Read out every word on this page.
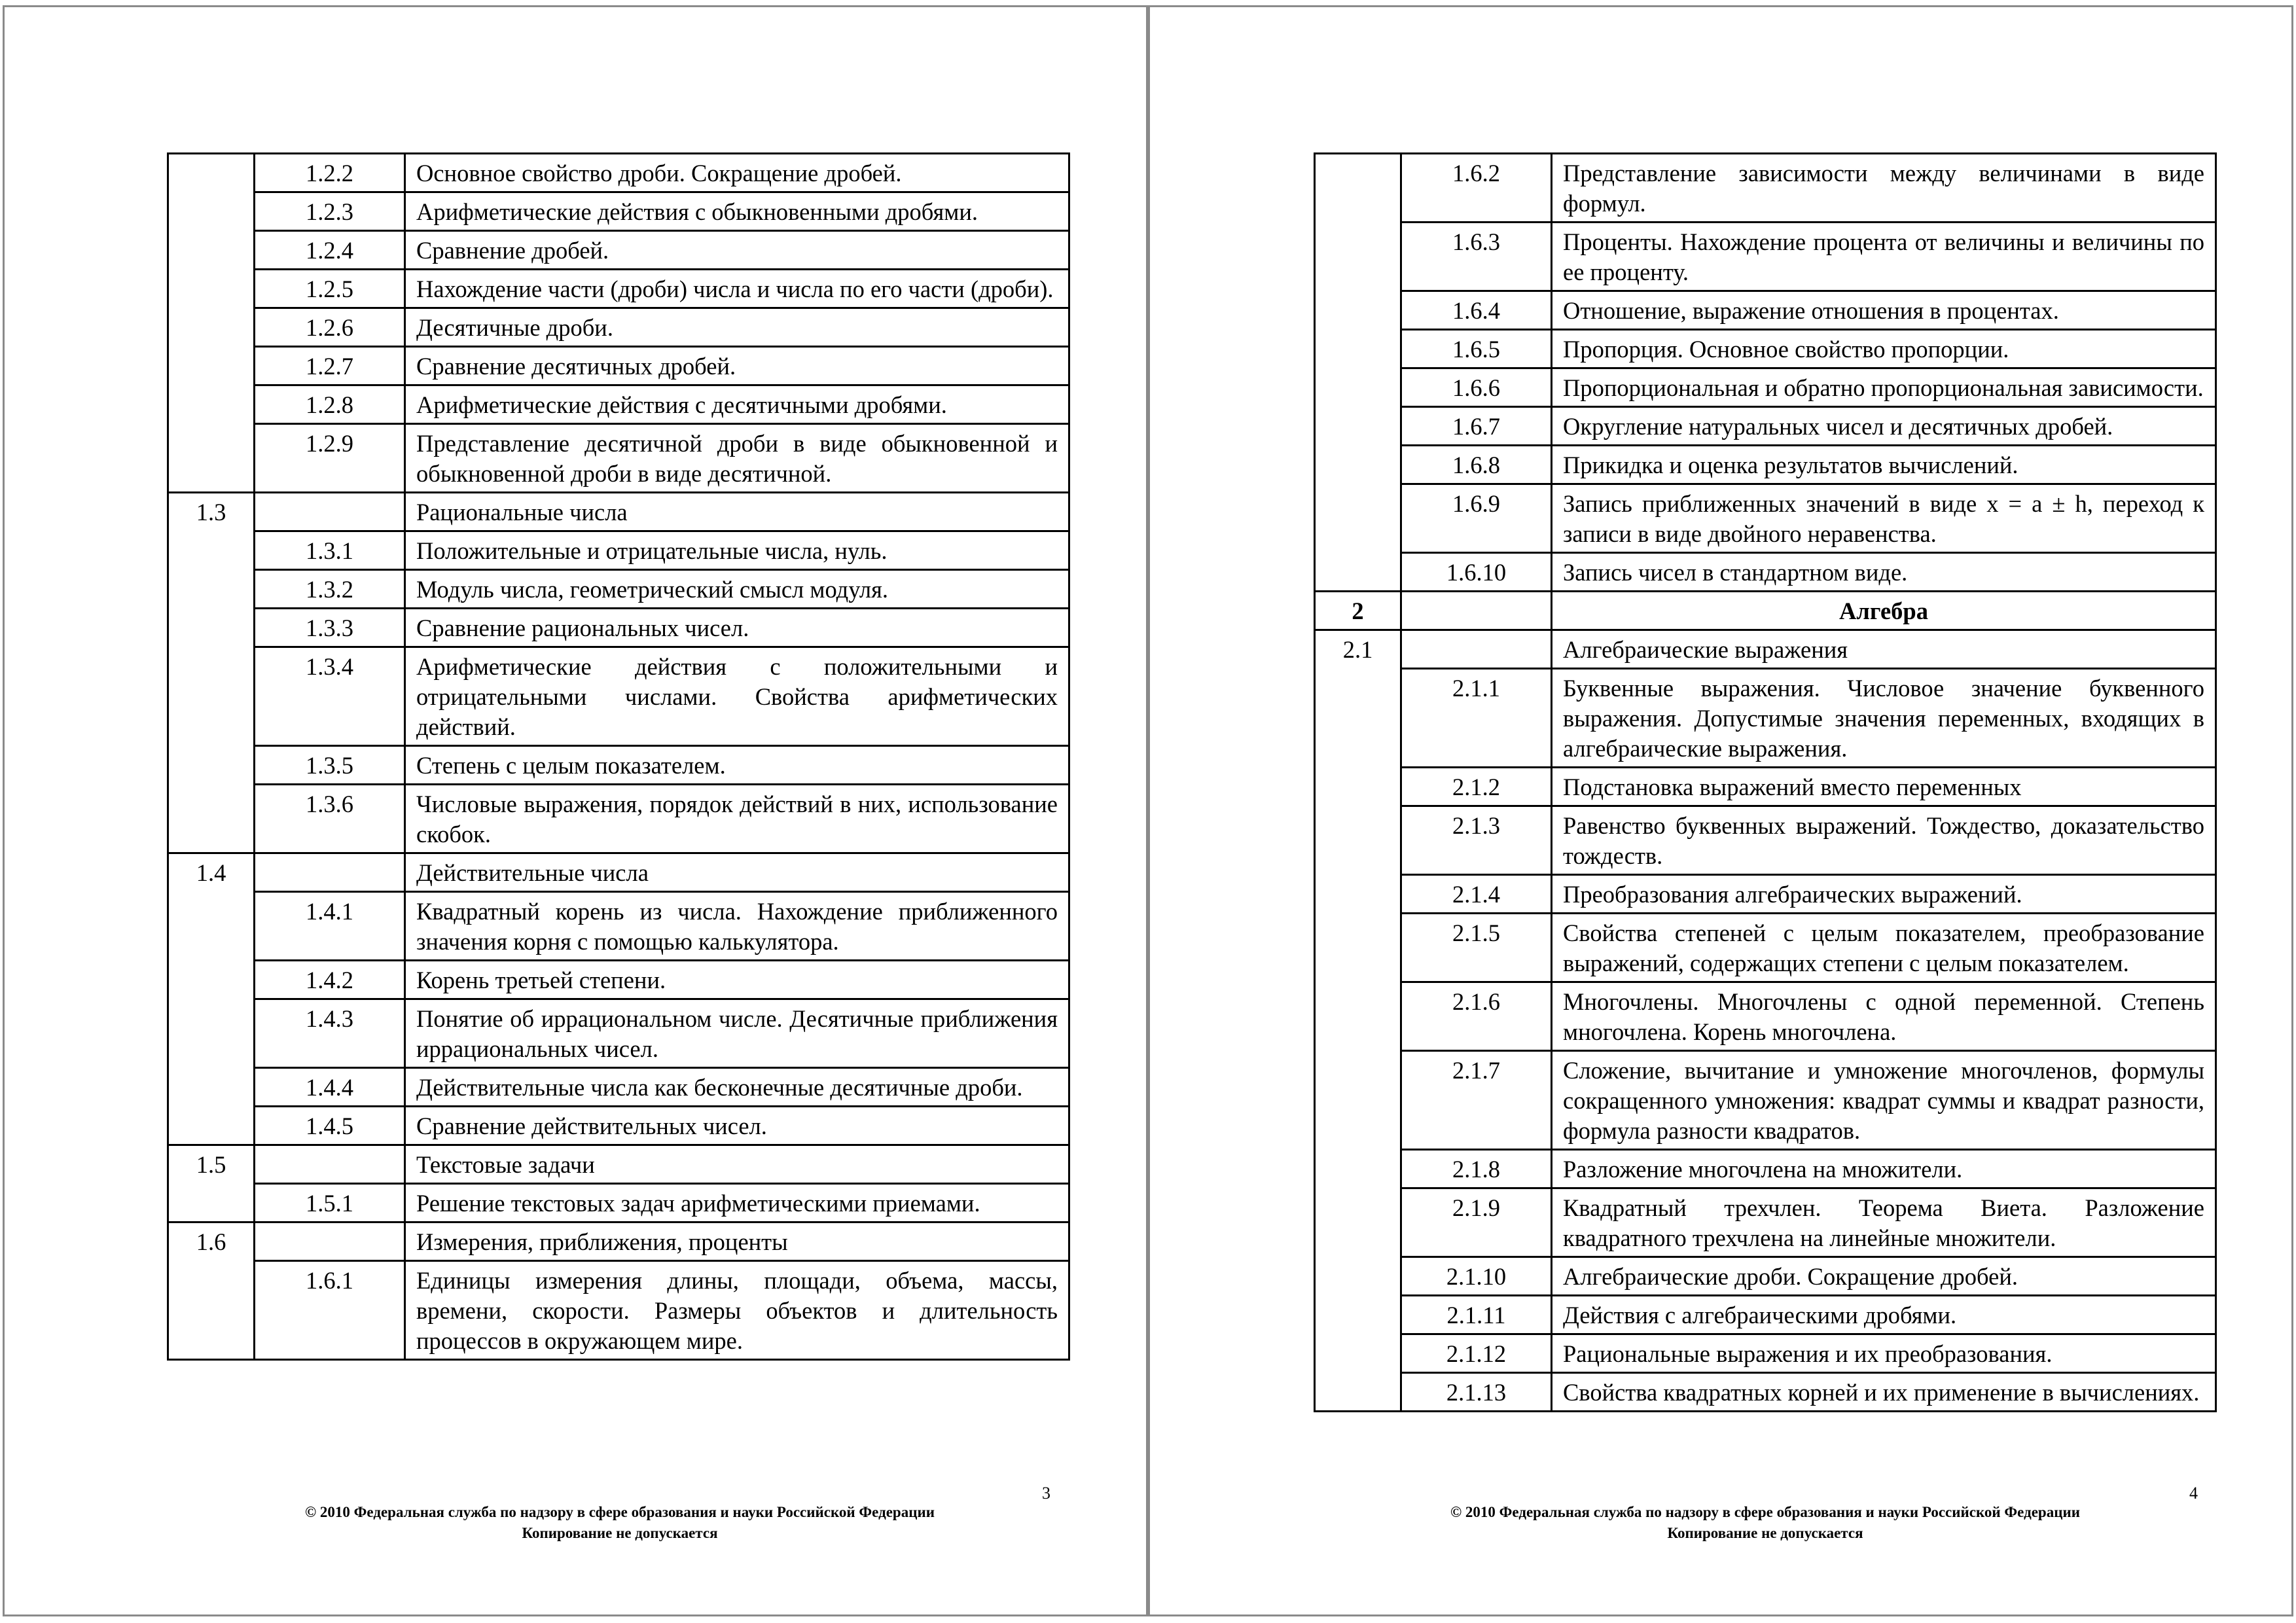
	1.2.2	Основное свойство дроби. Сокращение дробей.
	1.2.3	Арифметические действия с обыкновенными дробями.
	1.2.4	Сравнение дробей.
	1.2.5	Нахождение части (дроби) числа и числа по его части (дроби).
	1.2.6	Десятичные дроби.
	1.2.7	Сравнение десятичных дробей.
	1.2.8	Арифметические действия с десятичными дробями.
	1.2.9	Представление десятичной дроби в виде обыкновенной и обыкновенной дроби в виде десятичной.
1.3		Рациональные числа
	1.3.1	Положительные и отрицательные числа, нуль.
	1.3.2	Модуль числа, геометрический смысл модуля.
	1.3.3	Сравнение рациональных чисел.
	1.3.4	Арифметические действия с положительными и отрицательными числами. Свойства арифметических действий.
	1.3.5	Степень с целым показателем.
	1.3.6	Числовые выражения, порядок действий в них, использование скобок.
1.4		Действительные числа
	1.4.1	Квадратный корень из числа. Нахождение приближенного значения корня с помощью калькулятора.
	1.4.2	Корень третьей степени.
	1.4.3	Понятие об иррациональном числе. Десятичные приближения иррациональных чисел.
	1.4.4	Действительные числа как бесконечные десятичные дроби.
	1.4.5	Сравнение действительных чисел.
1.5		Текстовые задачи
	1.5.1	Решение текстовых задач арифметическими приемами.
1.6		Измерения, приближения, проценты
	1.6.1	Единицы измерения длины, площади, объема, массы, времени, скорости. Размеры объектов и длительность процессов в окружающем мире.
3
© 2010 Федеральная служба по надзору в сфере образования и науки Российской Федерации
Копирование не допускается
	1.6.2	Представление зависимости между величинами в виде формул.
	1.6.3	Проценты. Нахождение процента от величины и величины по ее проценту.
	1.6.4	Отношение, выражение отношения в процентах.
	1.6.5	Пропорция. Основное свойство пропорции.
	1.6.6	Пропорциональная и обратно пропорциональная зависимости.
	1.6.7	Округление натуральных чисел и десятичных дробей.
	1.6.8	Прикидка и оценка результатов вычислений.
	1.6.9	Запись приближенных значений в виде x = a ± h, переход к записи в виде двойного неравенства.
	1.6.10	Запись чисел в стандартном виде.
2		Алгебра
2.1		Алгебраические выражения
	2.1.1	Буквенные выражения. Числовое значение буквенного выражения. Допустимые значения переменных, входящих в алгебраические выражения.
	2.1.2	Подстановка выражений вместо переменных
	2.1.3	Равенство буквенных выражений. Тождество, доказательство тождеств.
	2.1.4	Преобразования алгебраических выражений.
	2.1.5	Свойства степеней с целым показателем, преобразование выражений, содержащих степени с целым показателем.
	2.1.6	Многочлены. Многочлены с одной переменной. Степень многочлена. Корень многочлена.
	2.1.7	Сложение, вычитание и умножение многочленов, формулы сокращенного умножения: квадрат суммы и квадрат разности, формула разности квадратов.
	2.1.8	Разложение многочлена на множители.
	2.1.9	Квадратный трехчлен. Теорема Виета. Разложение квадратного трехчлена на линейные множители.
	2.1.10	Алгебраические дроби. Сокращение дробей.
	2.1.11	Действия с алгебраическими дробями.
	2.1.12	Рациональные выражения и их преобразования.
	2.1.13	Свойства квадратных корней и их применение в вычислениях.
4
© 2010 Федеральная служба по надзору в сфере образования и науки Российской Федерации
Копирование не допускается
